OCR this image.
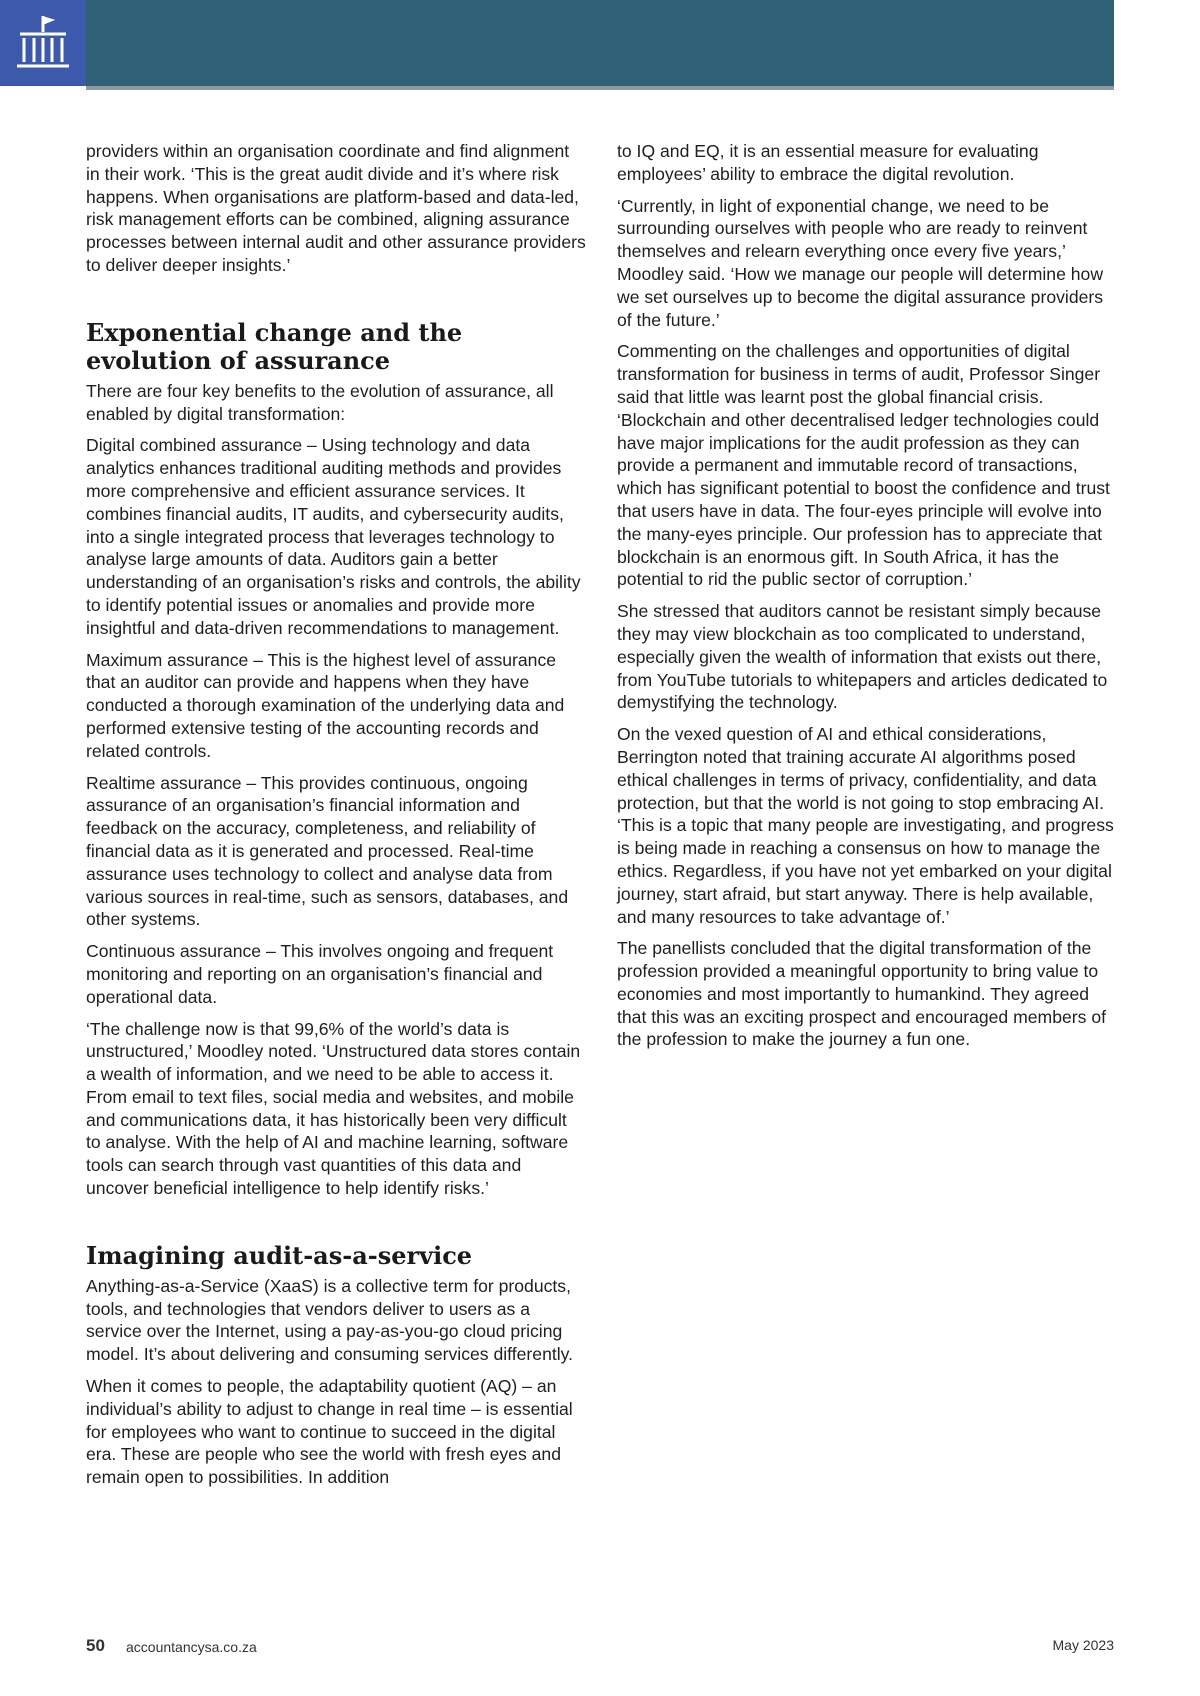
providers within an organisation coordinate and find alignment in their work. ‘This is the great audit divide and it’s where risk happens. When organisations are platform-based and data-led, risk management efforts can be combined, aligning assurance processes between internal audit and other assurance providers to deliver deeper insights.’

Exponential change and the evolution of assurance

There are four key benefits to the evolution of assurance, all enabled by digital transformation:

Digital combined assurance – Using technology and data analytics enhances traditional auditing methods and provides more comprehensive and efficient assurance services. It combines financial audits, IT audits, and cybersecurity audits, into a single integrated process that leverages technology to analyse large amounts of data. Auditors gain a better understanding of an organisation’s risks and controls, the ability to identify potential issues or anomalies and provide more insightful and data-driven recommendations to management.

Maximum assurance – This is the highest level of assurance that an auditor can provide and happens when they have conducted a thorough examination of the underlying data and performed extensive testing of the accounting records and related controls.

Realtime assurance – This provides continuous, ongoing assurance of an organisation’s financial information and feedback on the accuracy, completeness, and reliability of financial data as it is generated and processed. Real-time assurance uses technology to collect and analyse data from various sources in real-time, such as sensors, databases, and other systems.

Continuous assurance – This involves ongoing and frequent monitoring and reporting on an organisation’s financial and operational data.

‘The challenge now is that 99,6% of the world’s data is unstructured,’ Moodley noted. ‘Unstructured data stores contain a wealth of information, and we need to be able to access it. From email to text files, social media and websites, and mobile and communications data, it has historically been very difficult to analyse. With the help of AI and machine learning, software tools can search through vast quantities of this data and uncover beneficial intelligence to help identify risks.’

Imagining audit-as-a-service

Anything-as-a-Service (XaaS) is a collective term for products, tools, and technologies that vendors deliver to users as a service over the Internet, using a pay-as-you-go cloud pricing model. It’s about delivering and consuming services differently.

When it comes to people, the adaptability quotient (AQ) – an individual’s ability to adjust to change in real time – is essential for employees who want to continue to succeed in the digital era. These are people who see the world with fresh eyes and remain open to possibilities. In addition

to IQ and EQ, it is an essential measure for evaluating employees’ ability to embrace the digital revolution.

‘Currently, in light of exponential change, we need to be surrounding ourselves with people who are ready to reinvent themselves and relearn everything once every five years,’ Moodley said. ‘How we manage our people will determine how we set ourselves up to become the digital assurance providers of the future.’

Commenting on the challenges and opportunities of digital transformation for business in terms of audit, Professor Singer said that little was learnt post the global financial crisis. ‘Blockchain and other decentralised ledger technologies could have major implications for the audit profession as they can provide a permanent and immutable record of transactions, which has significant potential to boost the confidence and trust that users have in data. The four-eyes principle will evolve into the many-eyes principle. Our profession has to appreciate that blockchain is an enormous gift. In South Africa, it has the potential to rid the public sector of corruption.’

She stressed that auditors cannot be resistant simply because they may view blockchain as too complicated to understand, especially given the wealth of information that exists out there, from YouTube tutorials to whitepapers and articles dedicated to demystifying the technology.

On the vexed question of AI and ethical considerations, Berrington noted that training accurate AI algorithms posed ethical challenges in terms of privacy, confidentiality, and data protection, but that the world is not going to stop embracing AI. ‘This is a topic that many people are investigating, and progress is being made in reaching a consensus on how to manage the ethics. Regardless, if you have not yet embarked on your digital journey, start afraid, but start anyway. There is help available, and many resources to take advantage of.’

The panellists concluded that the digital transformation of the profession provided a meaningful opportunity to bring value to economies and most importantly to humankind. They agreed that this was an exciting prospect and encouraged members of the profession to make the journey a fun one.

50 accountancysa.co.za	May 2023
